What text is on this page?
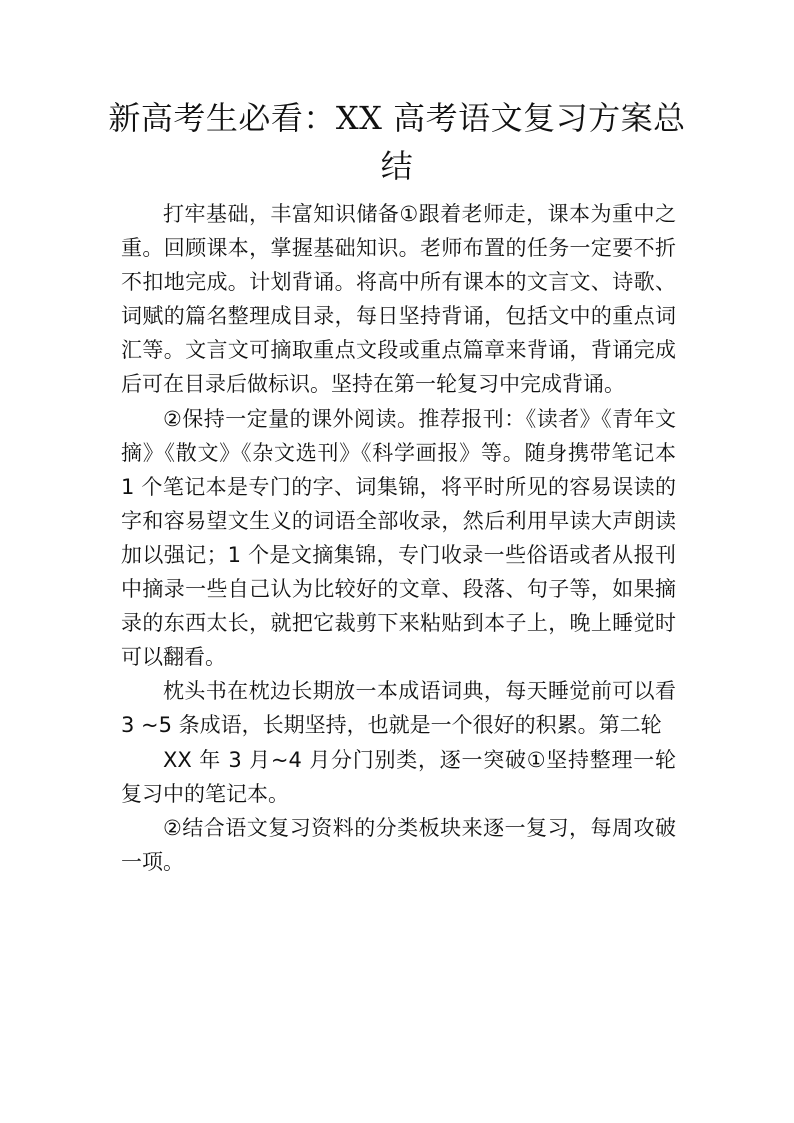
新高考生必看：XX 高考语文复习方案总结

打牢基础，丰富知识储备①跟着老师走，课本为重中之重。回顾课本，掌握基础知识。老师布置的任务一定要不折不扣地完成。计划背诵。将高中所有课本的文言文、诗歌、词赋的篇名整理成目录，每日坚持背诵，包括文中的重点词汇等。文言文可摘取重点文段或重点篇章来背诵，背诵完成后可在目录后做标识。坚持在第一轮复习中完成背诵。

②保持一定量的课外阅读。推荐报刊：《读者》《青年文摘》《散文》《杂文选刊》《科学画报》等。随身携带笔记本 1 个笔记本是专门的字、词集锦，将平时所见的容易误读的字和容易望文生义的词语全部收录，然后利用早读大声朗读加以强记；1 个是文摘集锦，专门收录一些俗语或者从报刊中摘录一些自己认为比较好的文章、段落、句子等，如果摘录的东西太长，就把它裁剪下来粘贴到本子上，晚上睡觉时可以翻看。

枕头书在枕边长期放一本成语词典，每天睡觉前可以看 3 ~5 条成语，长期坚持，也就是一个很好的积累。第二轮

XX 年 3 月~4 月分门别类，逐一突破①坚持整理一轮复习中的笔记本。

②结合语文复习资料的分类板块来逐一复习，每周攻破一项。
